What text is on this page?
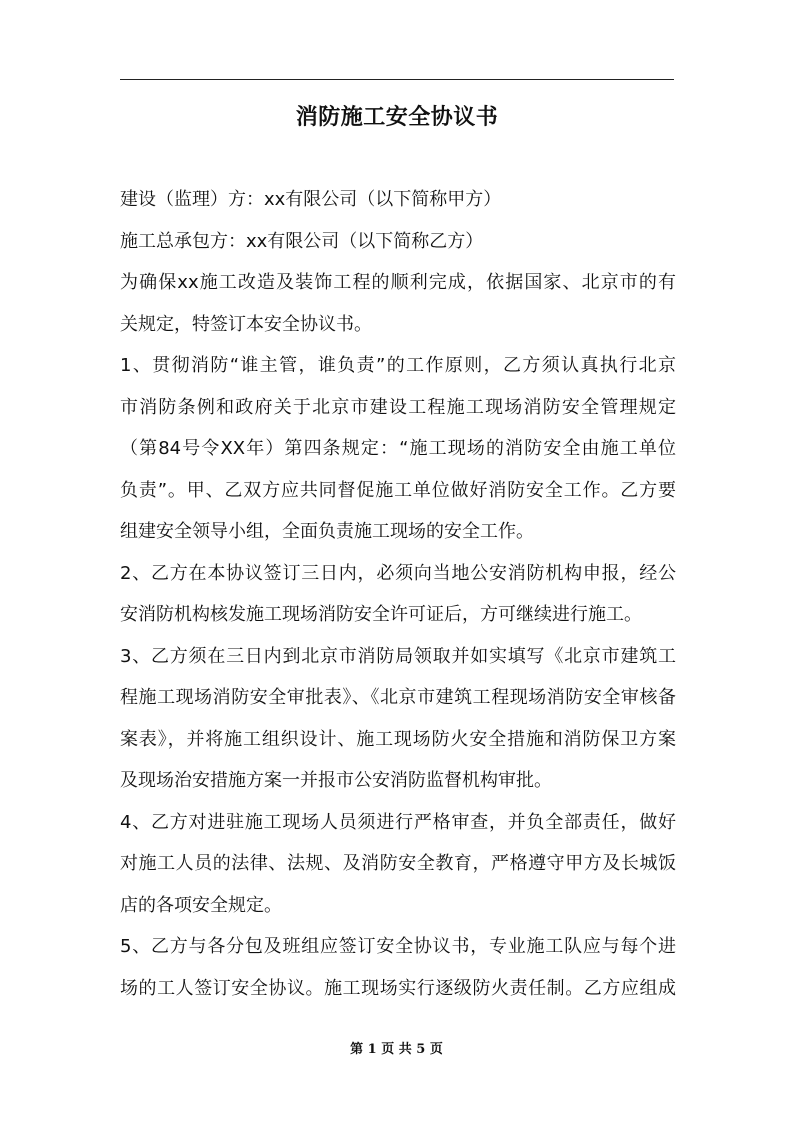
消防施工安全协议书
建设（监理）方：xx有限公司（以下简称甲方）
施工总承包方：xx有限公司（以下简称乙方）
为确保xx施工改造及装饰工程的顺利完成，依据国家、北京市的有
关规定，特签订本安全协议书。
1、贯彻消防“谁主管，谁负责”的工作原则，乙方须认真执行北京
市消防条例和政府关于北京市建设工程施工现场消防安全管理规定
（第84号令XX年）第四条规定：“施工现场的消防安全由施工单位
负责”。甲、乙双方应共同督促施工单位做好消防安全工作。乙方要
组建安全领导小组，全面负责施工现场的安全工作。
2、乙方在本协议签订三日内，必须向当地公安消防机构申报，经公
安消防机构核发施工现场消防安全许可证后，方可继续进行施工。
3、乙方须在三日内到北京市消防局领取并如实填写《北京市建筑工
程施工现场消防安全审批表》、《北京市建筑工程现场消防安全审核备
案表》，并将施工组织设计、施工现场防火安全措施和消防保卫方案
及现场治安措施方案一并报市公安消防监督机构审批。
4、乙方对进驻施工现场人员须进行严格审查，并负全部责任，做好
对施工人员的法律、法规、及消防安全教育，严格遵守甲方及长城饭
店的各项安全规定。
5、乙方与各分包及班组应签订安全协议书，专业施工队应与每个进
场的工人签订安全协议。施工现场实行逐级防火责任制。乙方应组成
第 1 页 共 5 页
